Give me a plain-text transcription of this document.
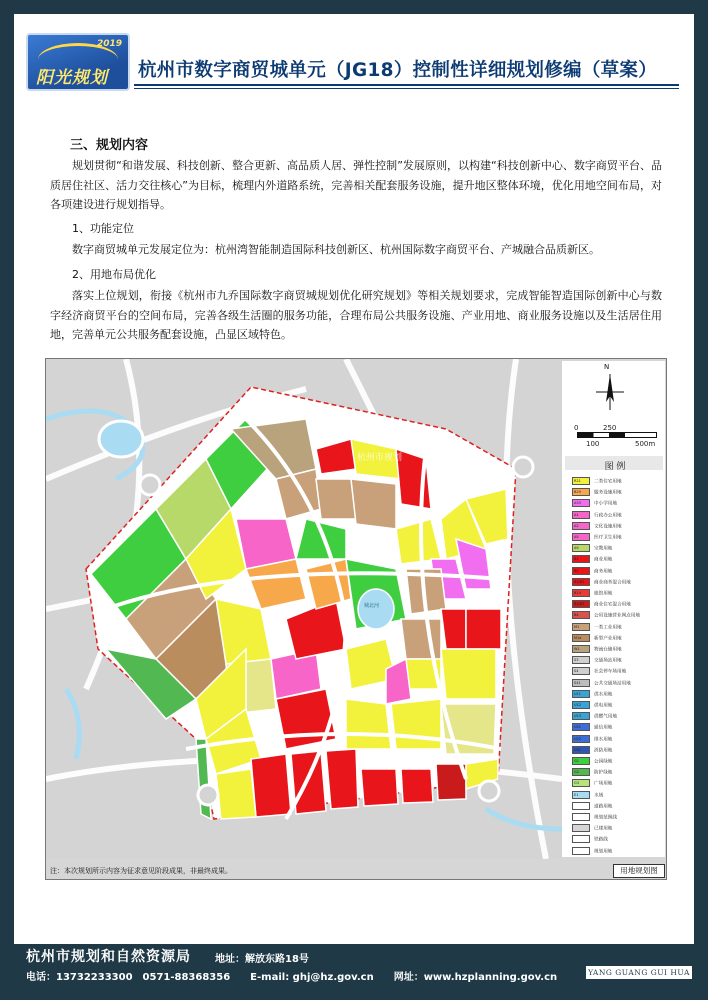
2019
阳光规划 杭州市数字商贸城单元（JG18）控制性详细规划修编（草案）
三、规划内容
规划贯彻“和谐发展、科技创新、整合更新、高品质人居、弹性控制”发展原则，以构建“科技创新中心、数字商贸平台、品质居住社区、活力交往核心”为目标，梳理内外道路系统，完善相关配套服务设施，提升地区整体环境，优化用地空间布局，对各项建设进行规划指导。
1、功能定位
数字商贸城单元发展定位为：杭州湾智能制造国际科技创新区、杭州国际数字商贸平台、产城融合品质新区。
2、用地布局优化
落实上位规划，衔接《杭州市九乔国际数字商贸城规划优化研究规划》等相关规划要求，完成智能智造国际创新中心与数字经济商贸平台的空间布局，完善各级生活圈的服务功能，合理布局公共服务设施、产业用地、商业服务设施以及生活居住用地，完善单元公共服务配套设施，凸显区域特色。
杭州市规划
城北河
N
0	250
100	500m
图 例
R21	二类住宅用地
B29	服务设施用地
A33	中小学用地
A1	行政办公用地
A2	文化设施用地
A5	医疗卫生用地
A9	宗教用地
B1	商业用地
B2	商务用地
B1/B2 商业商务混合用地
B14	旅馆用地
B1/R2 商业住宅混合用地
B4	公用设施营业网点用地
M1	一类工业用地
M1a	新型产业用地
W1	物流仓储用地
S3	交通场站用地
S4	社会停车场用地
S41	公共交通场站用地
U11	供水用地
U12	供电用地
U13	供燃气用地
U21	通信用地
U22	排水用地
U31	消防用地
G1	公园绿地
G2	防护绿地
G3	广场用地
E1	水域
道路用地
规划范围线
已建用地
铁路线
规划用地
注：本次规划所示内容为征求意见阶段成果，非最终成果。	用地规划图
杭州市规划和自然资源局 地址：解放东路18号
电话：13732233300　0571-88368356　　E-mail: ghj@hz.gov.cn　　网址：www.hzplanning.gov.cn	YANG GUANG GUI HUA
